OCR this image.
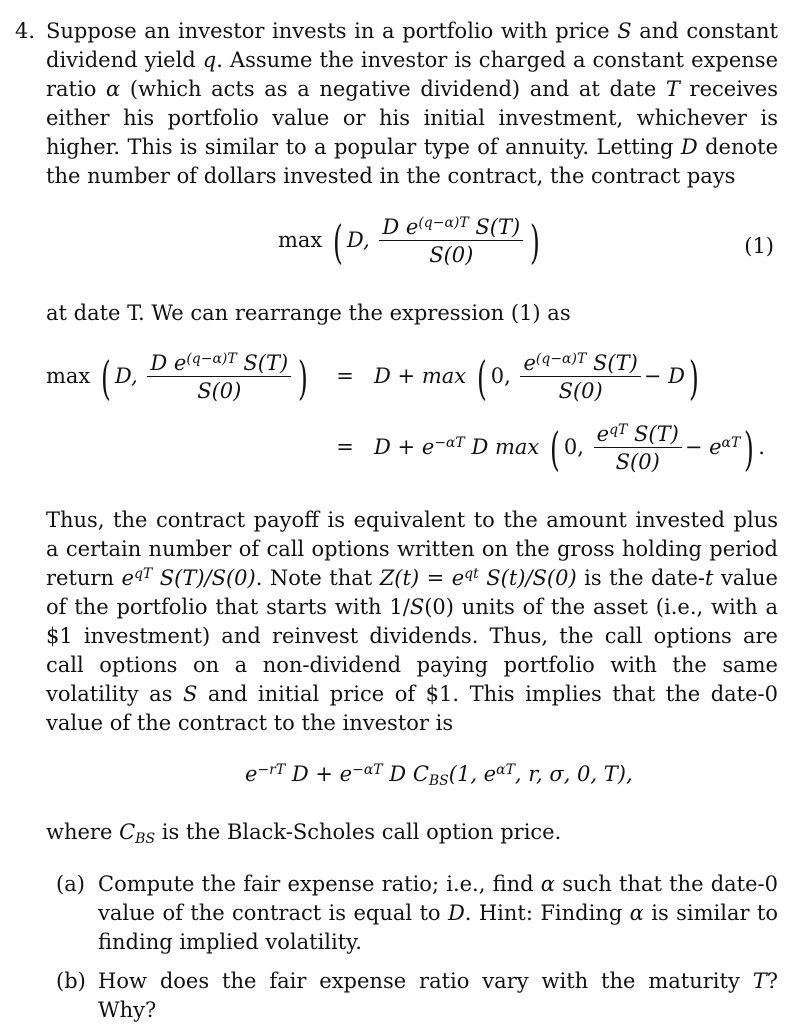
4. Suppose an investor invests in a portfolio with price S and constant dividend yield q. Assume the investor is charged a constant expense ratio α (which acts as a negative dividend) and at date T receives either his portfolio value or his initial investment, whichever is higher. This is similar to a popular type of annuity. Letting D denote the number of dollars invested in the contract, the contract pays
max ( D, $\frac{D e^{(q-\alpha)T} S(T)}{S(0)}$ )	(1)
at date T. We can rearrange the expression (1) as
max ( D, $\frac{D e^{(q-\alpha)T} S(T)}{S(0)}$ ) = D + max ( 0, $\frac{e^{(q-\alpha)T} S(T)}{S(0)} - D$)
= $D + e^{-\alpha T}$ D max ( 0, $\frac{e^{qT} S(T)}{S(0)} - e^{\alpha T}$) .
Thus, the contract payoff is equivalent to the amount invested plus a certain number of call options written on the gross holding period return $e^{qT}$ S(T)/S(0). Note that $Z(t) = e^{qt}$ S(t)/S(0) is the date-t value of the portfolio that starts with 1/S(0) units of the asset (i.e., with a $1 investment) and reinvest dividends. Thus, the call options are call options on a non-dividend paying portfolio with the same volatility as S and initial price of $1. This implies that the date-0 value of the contract to the investor is
$e^{-rT}$ $D + e^{-\alpha T}$ D $C_{BS}(1$, $e^{\alpha T}$, r, σ, 0, T),
where $C_{BS}$ is the Black-Scholes call option price.
(a) Compute the fair expense ratio; i.e., find α such that the date-0 value of the contract is equal to D. Hint: Finding α is similar to finding implied volatility.
(b) How does the fair expense ratio vary with the maturity T? Why?
